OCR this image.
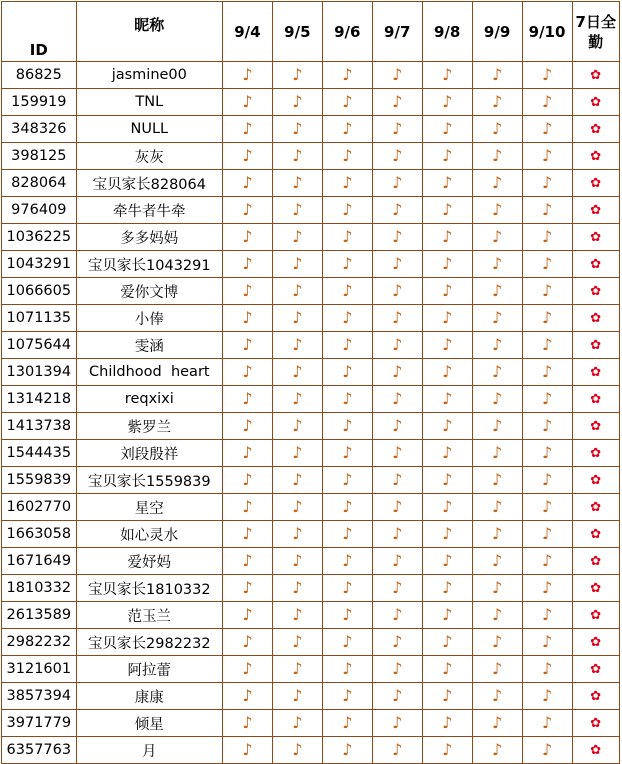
ID	昵称	9/4	9/5	9/6	9/7	9/8	9/9	9/10	7日全
勤
86825	jasmine00	♪	♪	♪	♪	♪	♪	♪	✿
159919	TNL	♪	♪	♪	♪	♪	♪	♪	✿
348326	NULL	♪	♪	♪	♪	♪	♪	♪	✿
398125	灰灰	♪	♪	♪	♪	♪	♪	♪	✿
828064	宝贝家长828064	♪	♪	♪	♪	♪	♪	♪	✿
976409	牵牛者牛牵	♪	♪	♪	♪	♪	♪	♪	✿
1036225	多多妈妈	♪	♪	♪	♪	♪	♪	♪	✿
1043291	宝贝家长1043291	♪	♪	♪	♪	♪	♪	♪	✿
1066605	爱你文博	♪	♪	♪	♪	♪	♪	♪	✿
1071135	小俸	♪	♪	♪	♪	♪	♪	♪	✿
1075644	雯涵	♪	♪	♪	♪	♪	♪	♪	✿
1301394	Childhood  heart	♪	♪	♪	♪	♪	♪	♪	✿
1314218	reqxixi	♪	♪	♪	♪	♪	♪	♪	✿
1413738	紫罗兰	♪	♪	♪	♪	♪	♪	♪	✿
1544435	刘段殷祥	♪	♪	♪	♪	♪	♪	♪	✿
1559839	宝贝家长1559839	♪	♪	♪	♪	♪	♪	♪	✿
1602770	星空	♪	♪	♪	♪	♪	♪	♪	✿
1663058	如心灵水	♪	♪	♪	♪	♪	♪	♪	✿
1671649	爱妤妈	♪	♪	♪	♪	♪	♪	♪	✿
1810332	宝贝家长1810332	♪	♪	♪	♪	♪	♪	♪	✿
2613589	范玉兰	♪	♪	♪	♪	♪	♪	♪	✿
2982232	宝贝家长2982232	♪	♪	♪	♪	♪	♪	♪	✿
3121601	阿拉蕾	♪	♪	♪	♪	♪	♪	♪	✿
3857394	康康	♪	♪	♪	♪	♪	♪	♪	✿
3971779	倾星	♪	♪	♪	♪	♪	♪	♪	✿
6357763	月	♪	♪	♪	♪	♪	♪	♪	✿
